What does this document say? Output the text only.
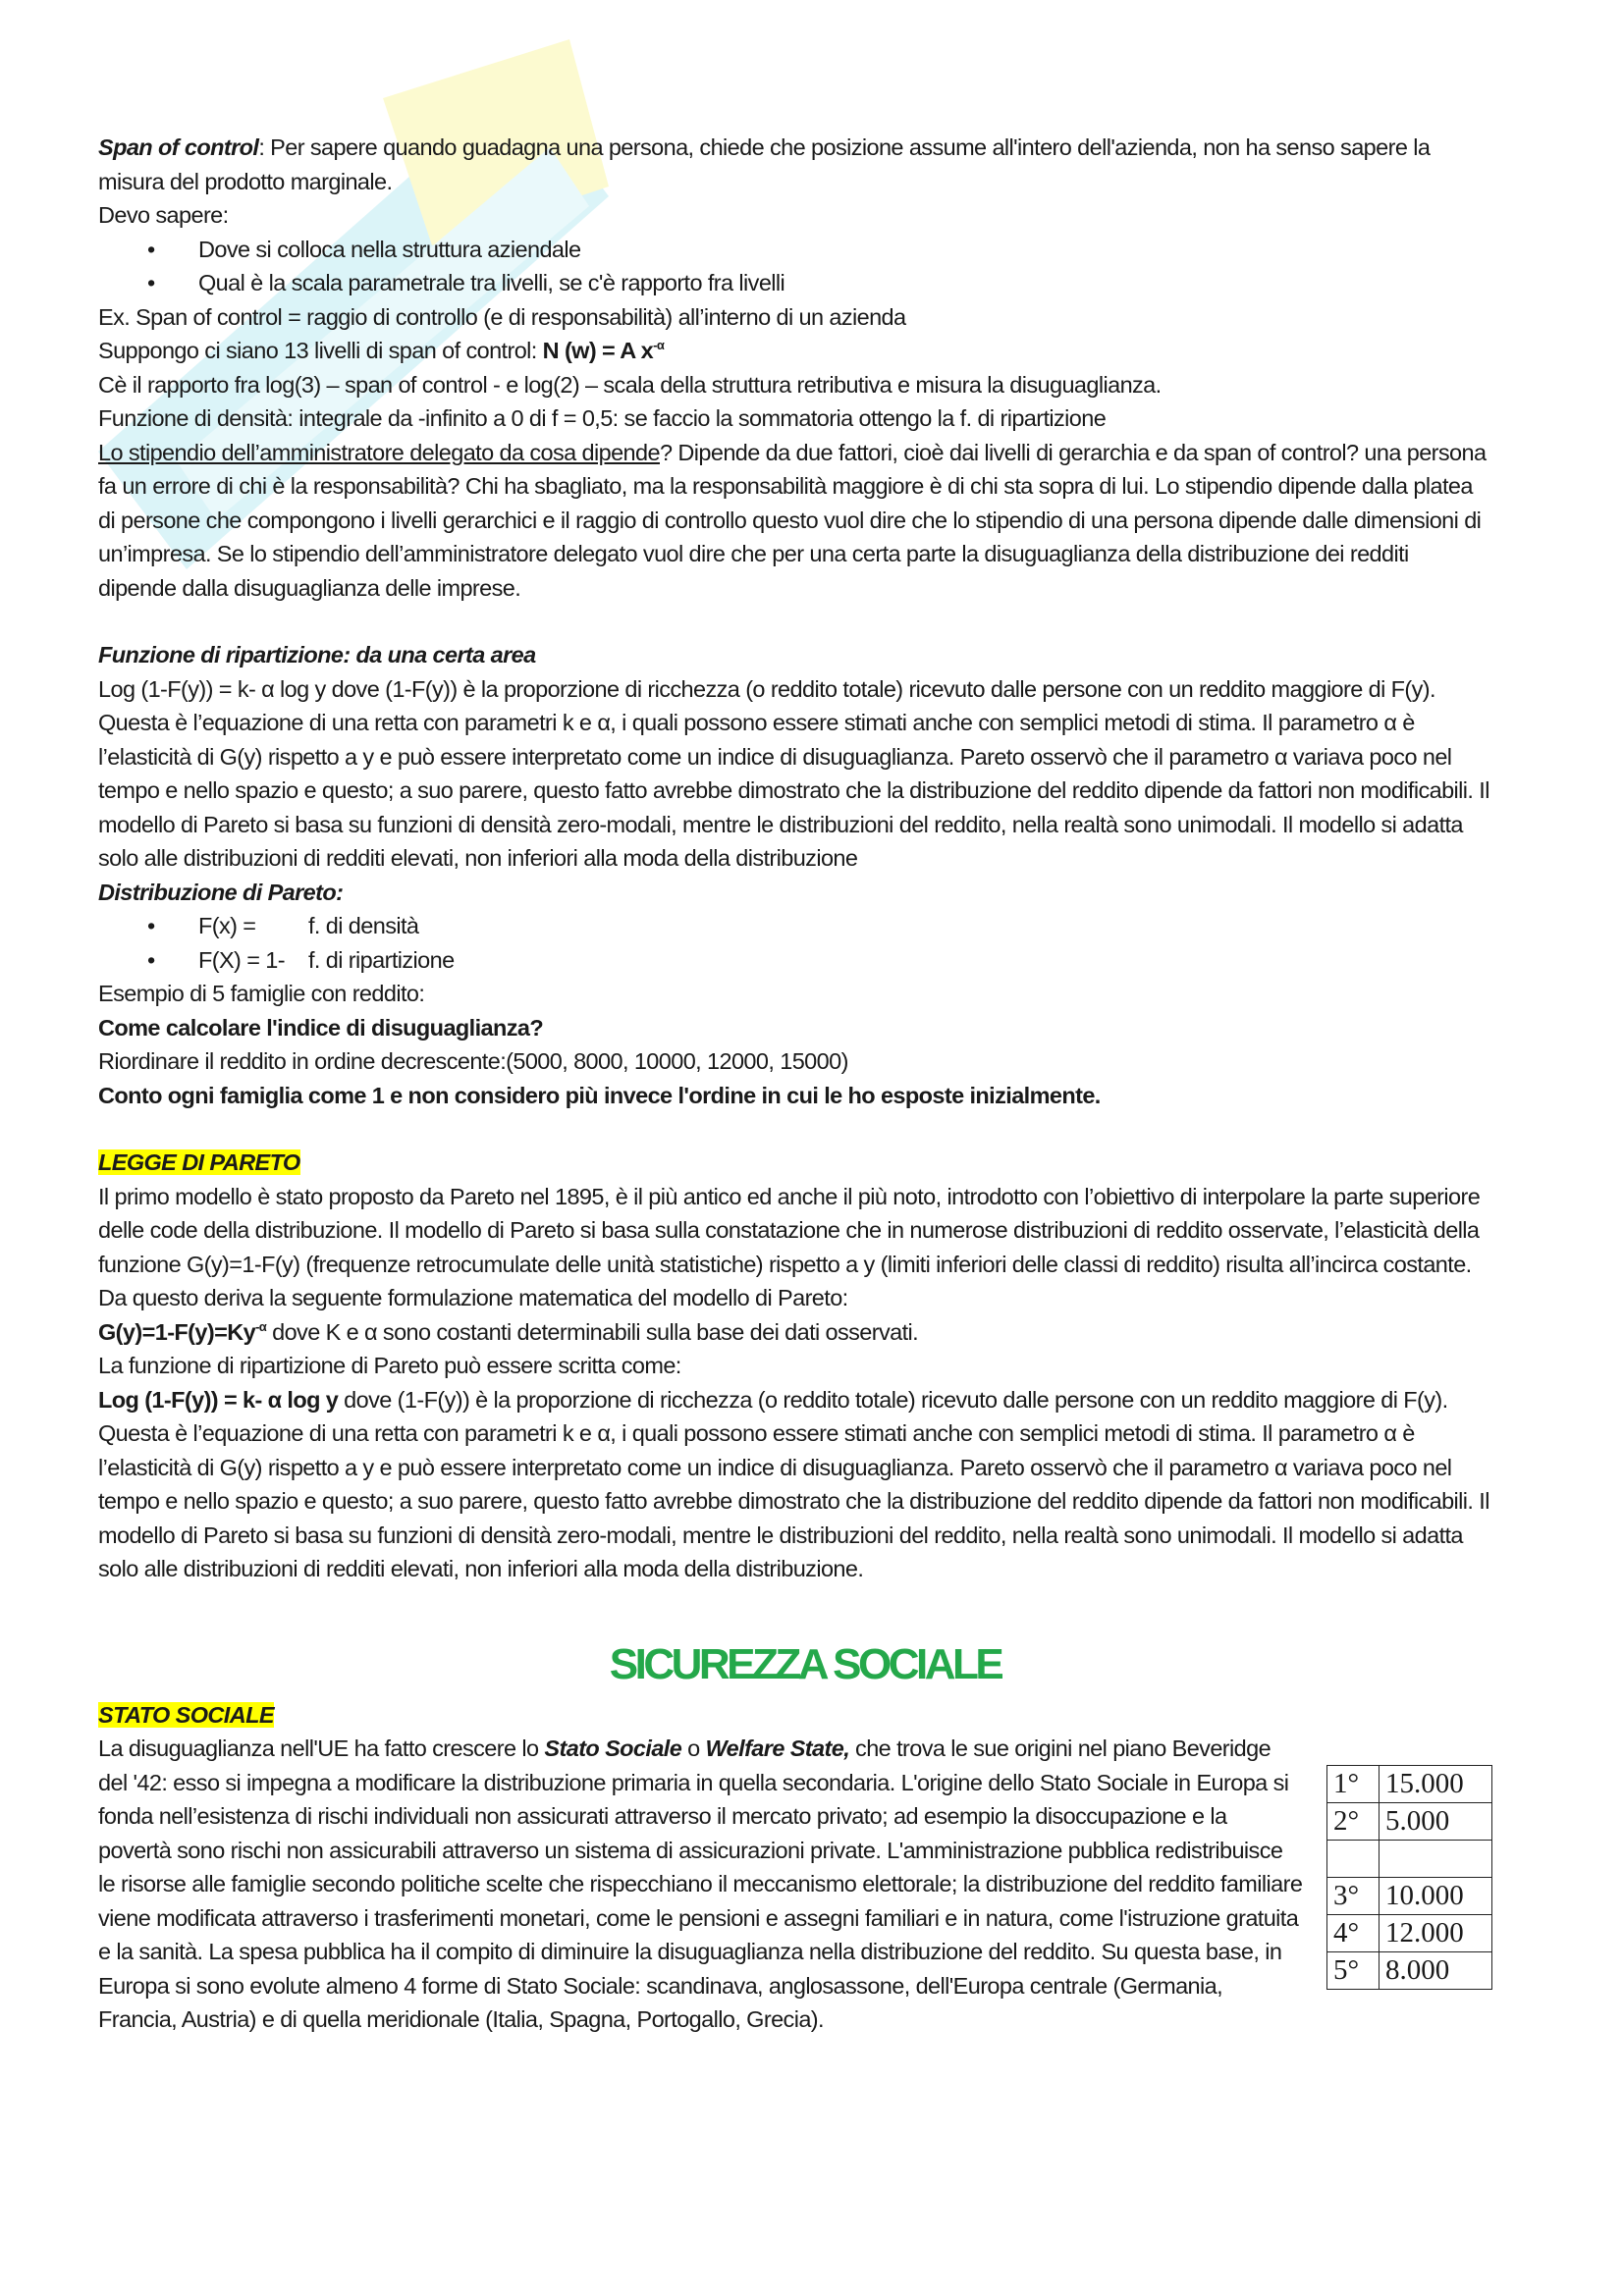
Span of control: Per sapere quando guadagna una persona, chiede che posizione assume all'intero dell'azienda, non ha senso sapere la misura del prodotto marginale.

Devo sapere:

• Dove si colloca nella struttura aziendale
• Qual è la scala parametrale tra livelli, se c'è rapporto fra livelli

Ex. Span of control = raggio di controllo (e di responsabilità) all’interno di un azienda

Suppongo ci siano 13 livelli di span of control: N (w) = A $x^{-\alpha}$

Cè il rapporto fra log(3) – span of control - e log(2) – scala della struttura retributiva e misura la disuguaglianza.

Funzione di densità: integrale da -infinito a 0 di f = 0,5: se faccio la sommatoria ottengo la f. di ripartizione

Lo stipendio dell’amministratore delegato da cosa dipende? Dipende da due fattori, cioè dai livelli di gerarchia e da span of control? una persona fa un errore di chi è la responsabilità? Chi ha sbagliato, ma la responsabilità maggiore è di chi sta sopra di lui. Lo stipendio dipende dalla platea di persone che compongono i livelli gerarchici e il raggio di controllo questo vuol dire che lo stipendio di una persona dipende dalle dimensioni di un’impresa. Se lo stipendio dell’amministratore delegato vuol dire che per una certa parte la disuguaglianza della distribuzione dei redditi dipende dalla disuguaglianza delle imprese.

Funzione di ripartizione: da una certa area

Log (1-F(y)) = k- α log y dove (1-F(y)) è la proporzione di ricchezza (o reddito totale) ricevuto dalle persone con un reddito maggiore di F(y). Questa è l’equazione di una retta con parametri k e α, i quali possono essere stimati anche con semplici metodi di stima. Il parametro α è l’elasticità di G(y) rispetto a y e può essere interpretato come un indice di disuguaglianza. Pareto osservò che il parametro α variava poco nel tempo e nello spazio e questo; a suo parere, questo fatto avrebbe dimostrato che la distribuzione del reddito dipende da fattori non modificabili. Il modello di Pareto si basa su funzioni di densità zero-modali, mentre le distribuzioni del reddito, nella realtà sono unimodali. Il modello si adatta solo alle distribuzioni di redditi elevati, non inferiori alla moda della distribuzione

Distribuzione di Pareto:

• F(x) = f. di densità
• F(X) = 1- f. di ripartizione

Esempio di 5 famiglie con reddito:

Come calcolare l'indice di disuguaglianza?

Riordinare il reddito in ordine decrescente:(5000, 8000, 10000, 12000, 15000)

Conto ogni famiglia come 1 e non considero più invece l'ordine in cui le ho esposte inizialmente.

LEGGE DI PARETO

Il primo modello è stato proposto da Pareto nel 1895, è il più antico ed anche il più noto, introdotto con l’obiettivo di interpolare la parte superiore delle code della distribuzione. Il modello di Pareto si basa sulla constatazione che in numerose distribuzioni di reddito osservate, l’elasticità della funzione G(y)=1-F(y) (frequenze retrocumulate delle unità statistiche) rispetto a y (limiti inferiori delle classi di reddito) risulta all’incirca costante. Da questo deriva la seguente formulazione matematica del modello di Pareto:

$G(y)=1-F(y)=Ky^{-\alpha}$ dove K e α sono costanti determinabili sulla base dei dati osservati.

La funzione di ripartizione di Pareto può essere scritta come:

Log (1-F(y)) = k- α log y dove (1-F(y)) è la proporzione di ricchezza (o reddito totale) ricevuto dalle persone con un reddito maggiore di F(y). Questa è l’equazione di una retta con parametri k e α, i quali possono essere stimati anche con semplici metodi di stima. Il parametro α è l’elasticità di G(y) rispetto a y e può essere interpretato come un indice di disuguaglianza. Pareto osservò che il parametro α variava poco nel tempo e nello spazio e questo; a suo parere, questo fatto avrebbe dimostrato che la distribuzione del reddito dipende da fattori non modificabili. Il modello di Pareto si basa su funzioni di densità zero-modali, mentre le distribuzioni del reddito, nella realtà sono unimodali. Il modello si adatta solo alle distribuzioni di redditi elevati, non inferiori alla moda della distribuzione.

SICUREZZA SOCIALE

STATO SOCIALE

1°	15.000
2°	5.000

3°	10.000
4°	12.000
5°	8.000

La disuguaglianza nell'UE ha fatto crescere lo Stato Sociale o Welfare State, che trova le sue origini nel piano Beveridge del '42: esso si impegna a modificare la distribuzione primaria in quella secondaria. L'origine dello Stato Sociale in Europa si fonda nell’esistenza di rischi individuali non assicurati attraverso il mercato privato; ad esempio la disoccupazione e la povertà sono rischi non assicurabili attraverso un sistema di assicurazioni private. L'amministrazione pubblica redistribuisce le risorse alle famiglie secondo politiche scelte che rispecchiano il meccanismo elettorale; la distribuzione del reddito familiare viene modificata attraverso i trasferimenti monetari, come le pensioni e assegni familiari e in natura, come l'istruzione gratuita e la sanità. La spesa pubblica ha il compito di diminuire la disuguaglianza nella distribuzione del reddito. Su questa base, in Europa si sono evolute almeno 4 forme di Stato Sociale: scandinava, anglosassone, dell'Europa centrale (Germania, Francia, Austria) e di quella meridionale (Italia, Spagna, Portogallo, Grecia).
